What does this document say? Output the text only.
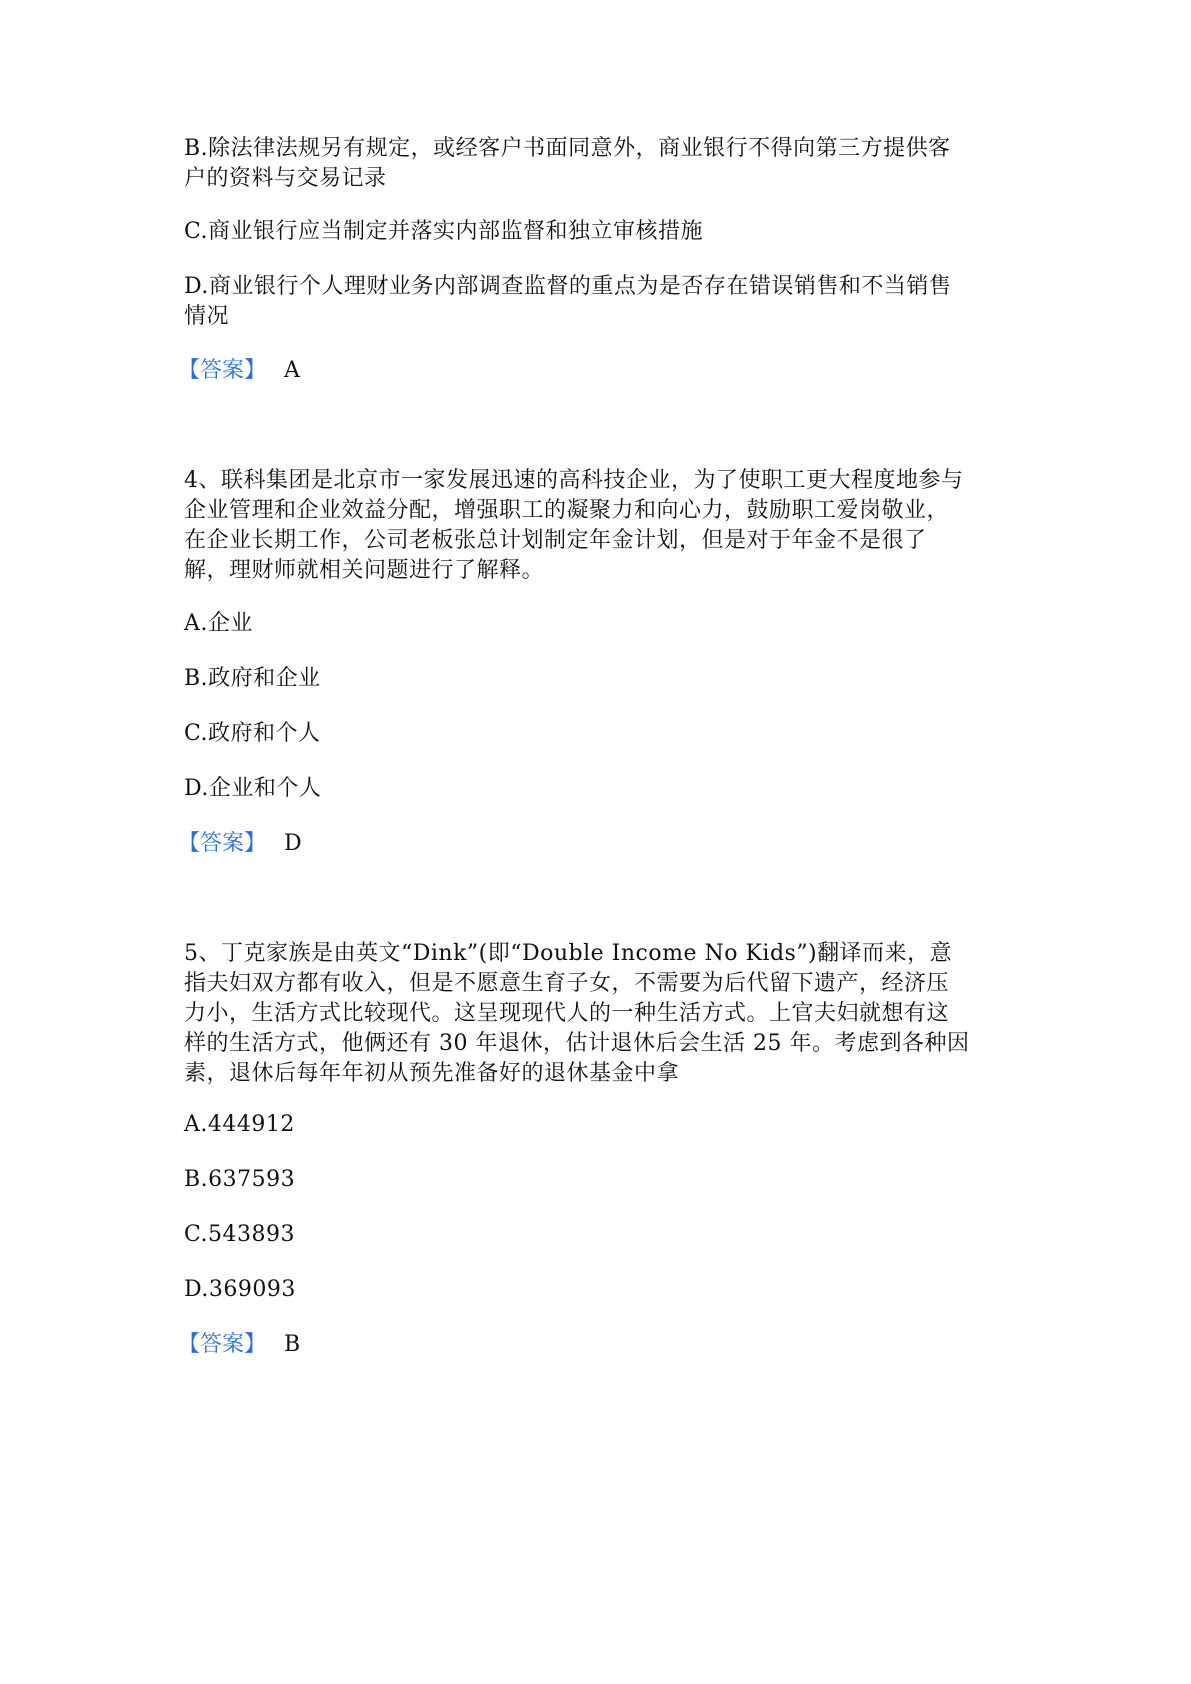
B.除法律法规另有规定，或经客户书面同意外，商业银行不得向第三方提供客
户的资料与交易记录
C.商业银行应当制定并落实内部监督和独立审核措施
D.商业银行个人理财业务内部调查监督的重点为是否存在错误销售和不当销售
情况
【答案】 A
4、联科集团是北京市一家发展迅速的高科技企业，为了使职工更大程度地参与
企业管理和企业效益分配，增强职工的凝聚力和向心力，鼓励职工爱岗敬业，
在企业长期工作，公司老板张总计划制定年金计划，但是对于年金不是很了
解，理财师就相关问题进行了解释。
A.企业
B.政府和企业
C.政府和个人
D.企业和个人
【答案】 D
5、丁克家族是由英文“Dink”(即“Double Income No Kids”)翻译而来，意
指夫妇双方都有收入，但是不愿意生育子女，不需要为后代留下遗产，经济压
力小，生活方式比较现代。这呈现现代人的一种生活方式。上官夫妇就想有这
样的生活方式，他俩还有 30 年退休，估计退休后会生活 25 年。考虑到各种因
素，退休后每年年初从预先准备好的退休基金中拿
A.444912
B.637593
C.543893
D.369093
【答案】 B
